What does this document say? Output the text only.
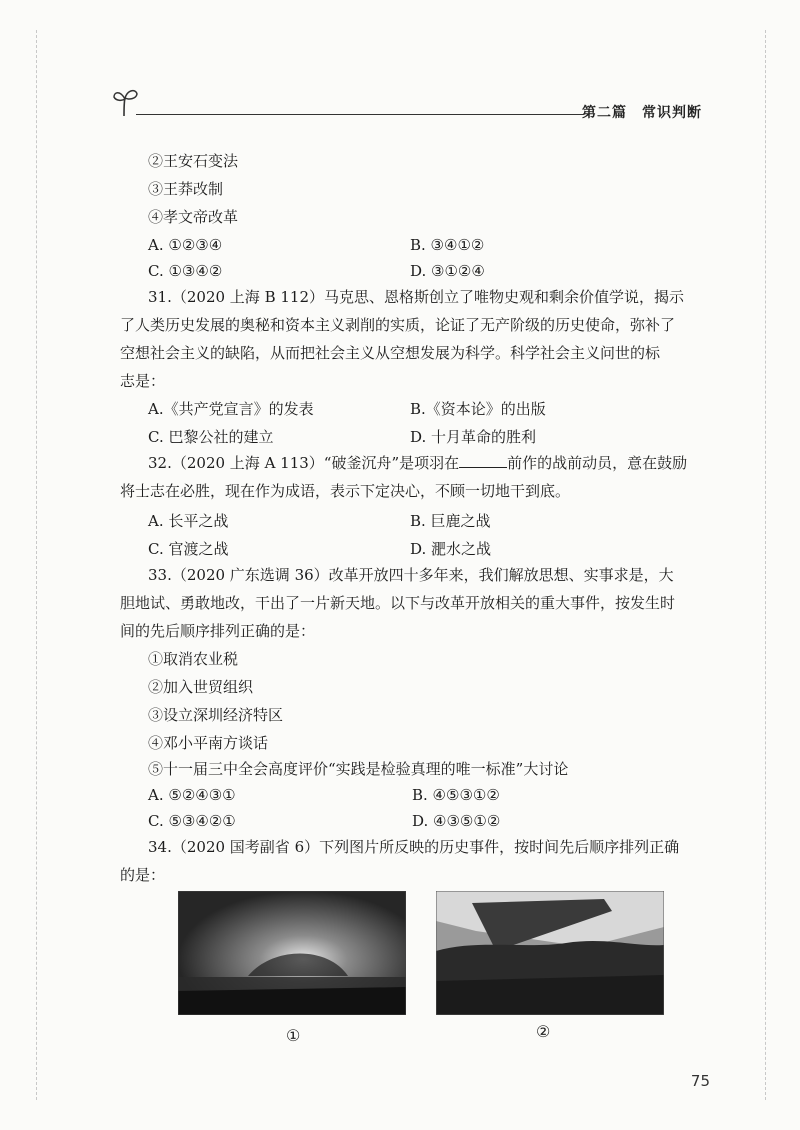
第二篇　常识判断
②王安石变法
③王莽改制
④孝文帝改革
A. ①②③④	B. ③④①②
C. ①③④②	D. ③①②④
31.（2020 上海 B 112）马克思、恩格斯创立了唯物史观和剩余价值学说，揭示
了人类历史发展的奥秘和资本主义剥削的实质，论证了无产阶级的历史使命，弥补了
空想社会主义的缺陷，从而把社会主义从空想发展为科学。科学社会主义问世的标
志是：
A.《共产党宣言》的发表	B.《资本论》的出版
C. 巴黎公社的建立	D. 十月革命的胜利
32.（2020 上海 A 113）“破釜沉舟”是项羽在	前作的战前动员，意在鼓励
将士志在必胜，现在作为成语，表示下定决心，不顾一切地干到底。
A. 长平之战	B. 巨鹿之战
C. 官渡之战	D. 淝水之战
33.（2020 广东选调 36）改革开放四十多年来，我们解放思想、实事求是，大
胆地试、勇敢地改，干出了一片新天地。以下与改革开放相关的重大事件，按发生时
间的先后顺序排列正确的是：
①取消农业税
②加入世贸组织
③设立深圳经济特区
④邓小平南方谈话
⑤十一届三中全会高度评价“实践是检验真理的唯一标准”大讨论
A. ⑤②④③①	B. ④⑤③①②
C. ⑤③④②①	D. ④③⑤①②
34.（2020 国考副省 6）下列图片所反映的历史事件，按时间先后顺序排列正确
的是：
①	②
75
